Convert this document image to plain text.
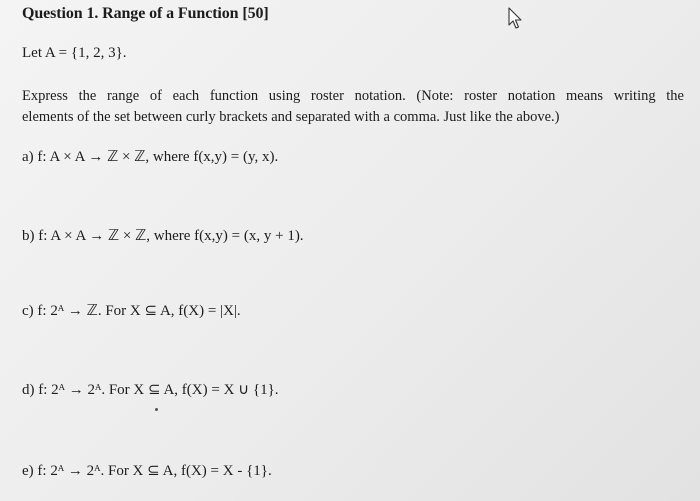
Question 1. Range of a Function [50]
Let A = {1, 2, 3}.
Express the range of each function using roster notation. (Note: roster notation means writing the
elements of the set between curly brackets and separated with a comma. Just like the above.)
a) f: A × A → ℤ × ℤ, where f(x,y) = (y, x).
b) f: A × A → ℤ × ℤ, where f(x,y) = (x, y + 1).
c) f: 2ᴬ → ℤ. For X ⊆ A, f(X) = |X|.
d) f: 2ᴬ → 2ᴬ. For X ⊆ A, f(X) = X ∪ {1}.
e) f: 2ᴬ → 2ᴬ. For X ⊆ A, f(X) = X - {1}.
